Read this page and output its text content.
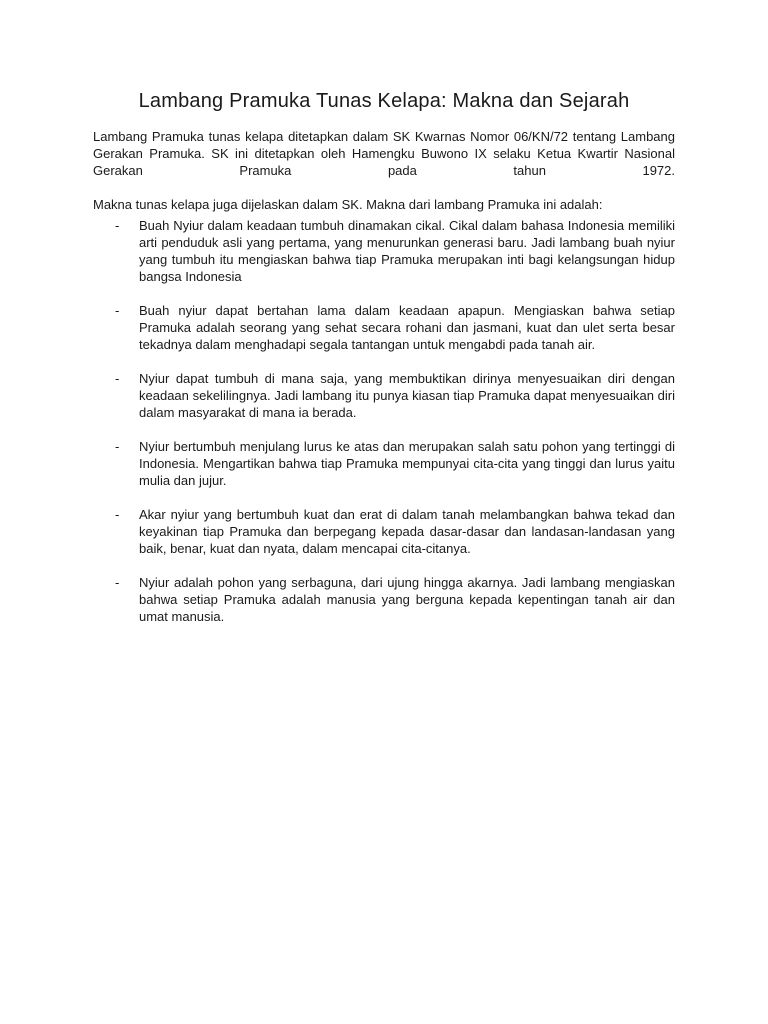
Lambang Pramuka Tunas Kelapa: Makna dan Sejarah

Lambang Pramuka tunas kelapa ditetapkan dalam SK Kwarnas Nomor 06/KN/72 tentang Lambang Gerakan Pramuka. SK ini ditetapkan oleh Hamengku Buwono IX selaku Ketua Kwartir Nasional Gerakan Pramuka pada tahun 1972.

Makna tunas kelapa juga dijelaskan dalam SK. Makna dari lambang Pramuka ini adalah:

-	Buah Nyiur dalam keadaan tumbuh dinamakan cikal. Cikal dalam bahasa Indonesia memiliki arti penduduk asli yang pertama, yang menurunkan generasi baru. Jadi lambang buah nyiur yang tumbuh itu mengiaskan bahwa tiap Pramuka merupakan inti bagi kelangsungan hidup bangsa Indonesia
-	Buah nyiur dapat bertahan lama dalam keadaan apapun. Mengiaskan bahwa setiap Pramuka adalah seorang yang sehat secara rohani dan jasmani, kuat dan ulet serta besar tekadnya dalam menghadapi segala tantangan untuk mengabdi pada tanah air.
-	Nyiur dapat tumbuh di mana saja, yang membuktikan dirinya menyesuaikan diri dengan keadaan sekelilingnya. Jadi lambang itu punya kiasan tiap Pramuka dapat menyesuaikan diri dalam masyarakat di mana ia berada.
-	Nyiur bertumbuh menjulang lurus ke atas dan merupakan salah satu pohon yang tertinggi di Indonesia. Mengartikan bahwa tiap Pramuka mempunyai cita-cita yang tinggi dan lurus yaitu mulia dan jujur.
-	Akar nyiur yang bertumbuh kuat dan erat di dalam tanah melambangkan bahwa tekad dan keyakinan tiap Pramuka dan berpegang kepada dasar-dasar dan landasan-landasan yang baik, benar, kuat dan nyata, dalam mencapai cita-citanya.
-	Nyiur adalah pohon yang serbaguna, dari ujung hingga akarnya. Jadi lambang mengiaskan bahwa setiap Pramuka adalah manusia yang berguna kepada kepentingan tanah air dan umat manusia.
